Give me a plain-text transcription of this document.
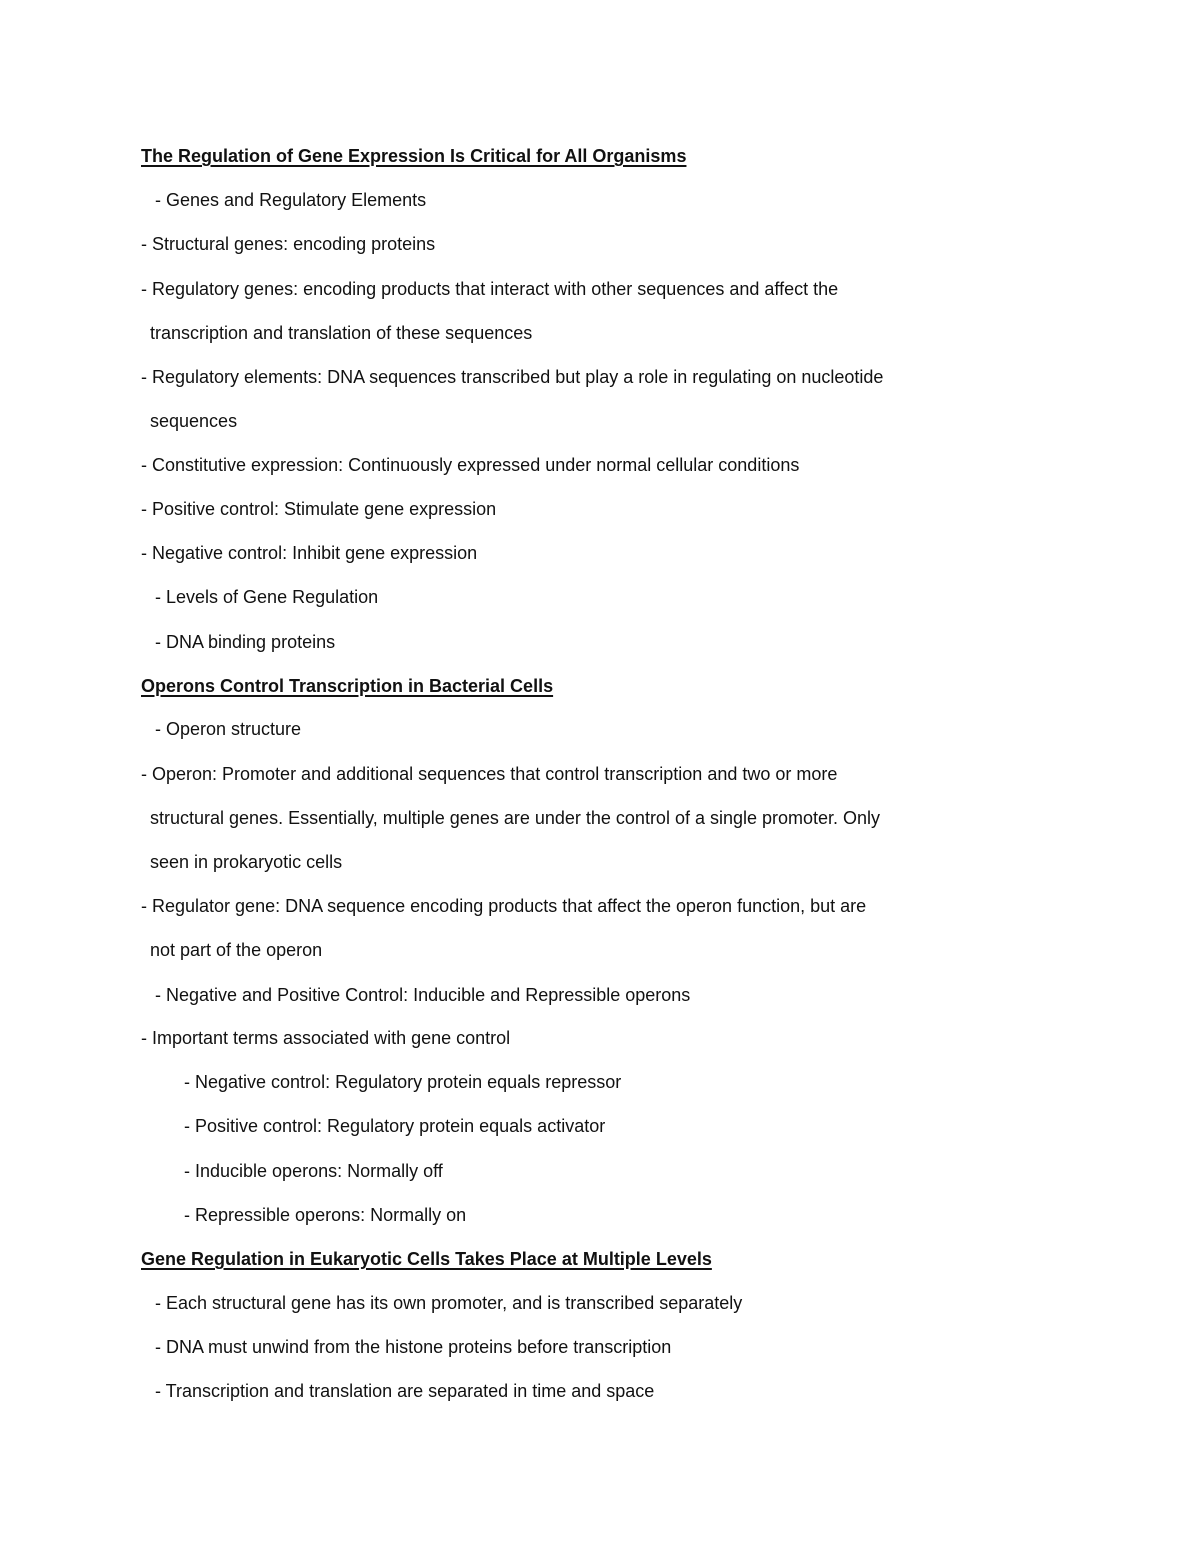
The Regulation of Gene Expression Is Critical for All Organisms
- Genes and Regulatory Elements
- Structural genes: encoding proteins
- Regulatory genes: encoding products that interact with other sequences and affect the
transcription and translation of these sequences
- Regulatory elements: DNA sequences transcribed but play a role in regulating on nucleotide
sequences
- Constitutive expression: Continuously expressed under normal cellular conditions
- Positive control: Stimulate gene expression
- Negative control: Inhibit gene expression
- Levels of Gene Regulation
- DNA binding proteins
Operons Control Transcription in Bacterial Cells
- Operon structure
- Operon: Promoter and additional sequences that control transcription and two or more
structural genes. Essentially, multiple genes are under the control of a single promoter. Only
seen in prokaryotic cells
- Regulator gene: DNA sequence encoding products that affect the operon function, but are
not part of the operon
- Negative and Positive Control: Inducible and Repressible operons
- Important terms associated with gene control
- Negative control: Regulatory protein equals repressor
- Positive control: Regulatory protein equals activator
- Inducible operons: Normally off
- Repressible operons: Normally on
Gene Regulation in Eukaryotic Cells Takes Place at Multiple Levels
- Each structural gene has its own promoter, and is transcribed separately
- DNA must unwind from the histone proteins before transcription
- Transcription and translation are separated in time and space
